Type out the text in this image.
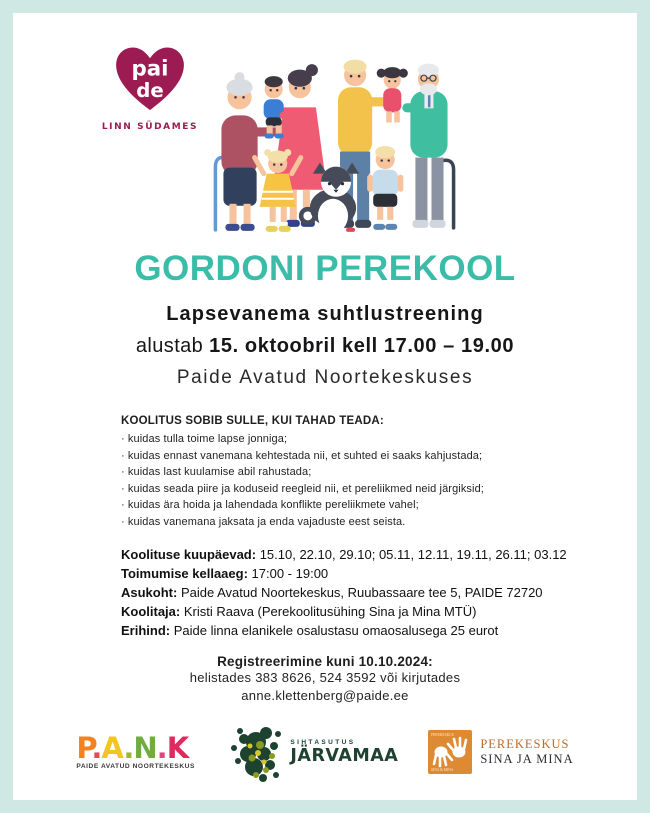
pai
de
LINN SÜDAMES
GORDONI PEREKOOL
Lapsevanema suhtlustreening

alustab 15. oktoobril kell 17.00 – 19.00

Paide Avatud Noortekeskuses

KOOLITUS SOBIB SULLE, KUI TAHAD TEADA:

· kuidas tulla toime lapse jonniga;

· kuidas ennast vanemana kehtestada nii, et suhted ei saaks kahjustada;

· kuidas last kuulamise abil rahustada;

· kuidas seada piire ja koduseid reegleid nii, et pereliikmed neid järgiksid;

· kuidas ära hoida ja lahendada konflikte pereliikmete vahel;

· kuidas vanemana jaksata ja enda vajaduste eest seista.

Koolituse kuupäevad: 15.10, 22.10, 29.10; 05.11, 12.11, 19.11, 26.11; 03.12

Toimumise kellaaeg: 17:00 - 19:00

Asukoht: Paide Avatud Noortekeskus, Ruubassaare tee 5, PAIDE 72720

Koolitaja: Kristi Raava (Perekoolitusühing Sina ja Mina MTÜ)

Erihind: Paide linna elanikele osalustasu omaosalusega 25 eurot

Registreerimine kuni 10.10.2024:

helistades 383 8626, 524 3592 või kirjutades

anne.klettenberg@paide.ee

P.A.N.K
PAIDE AVATUD NOORTEKESKUS
SIHTASUTUS
JÄRVAMAA
PEREKESKUS
SINA & MINA
PEREKESKUS
SINA JA MINA
